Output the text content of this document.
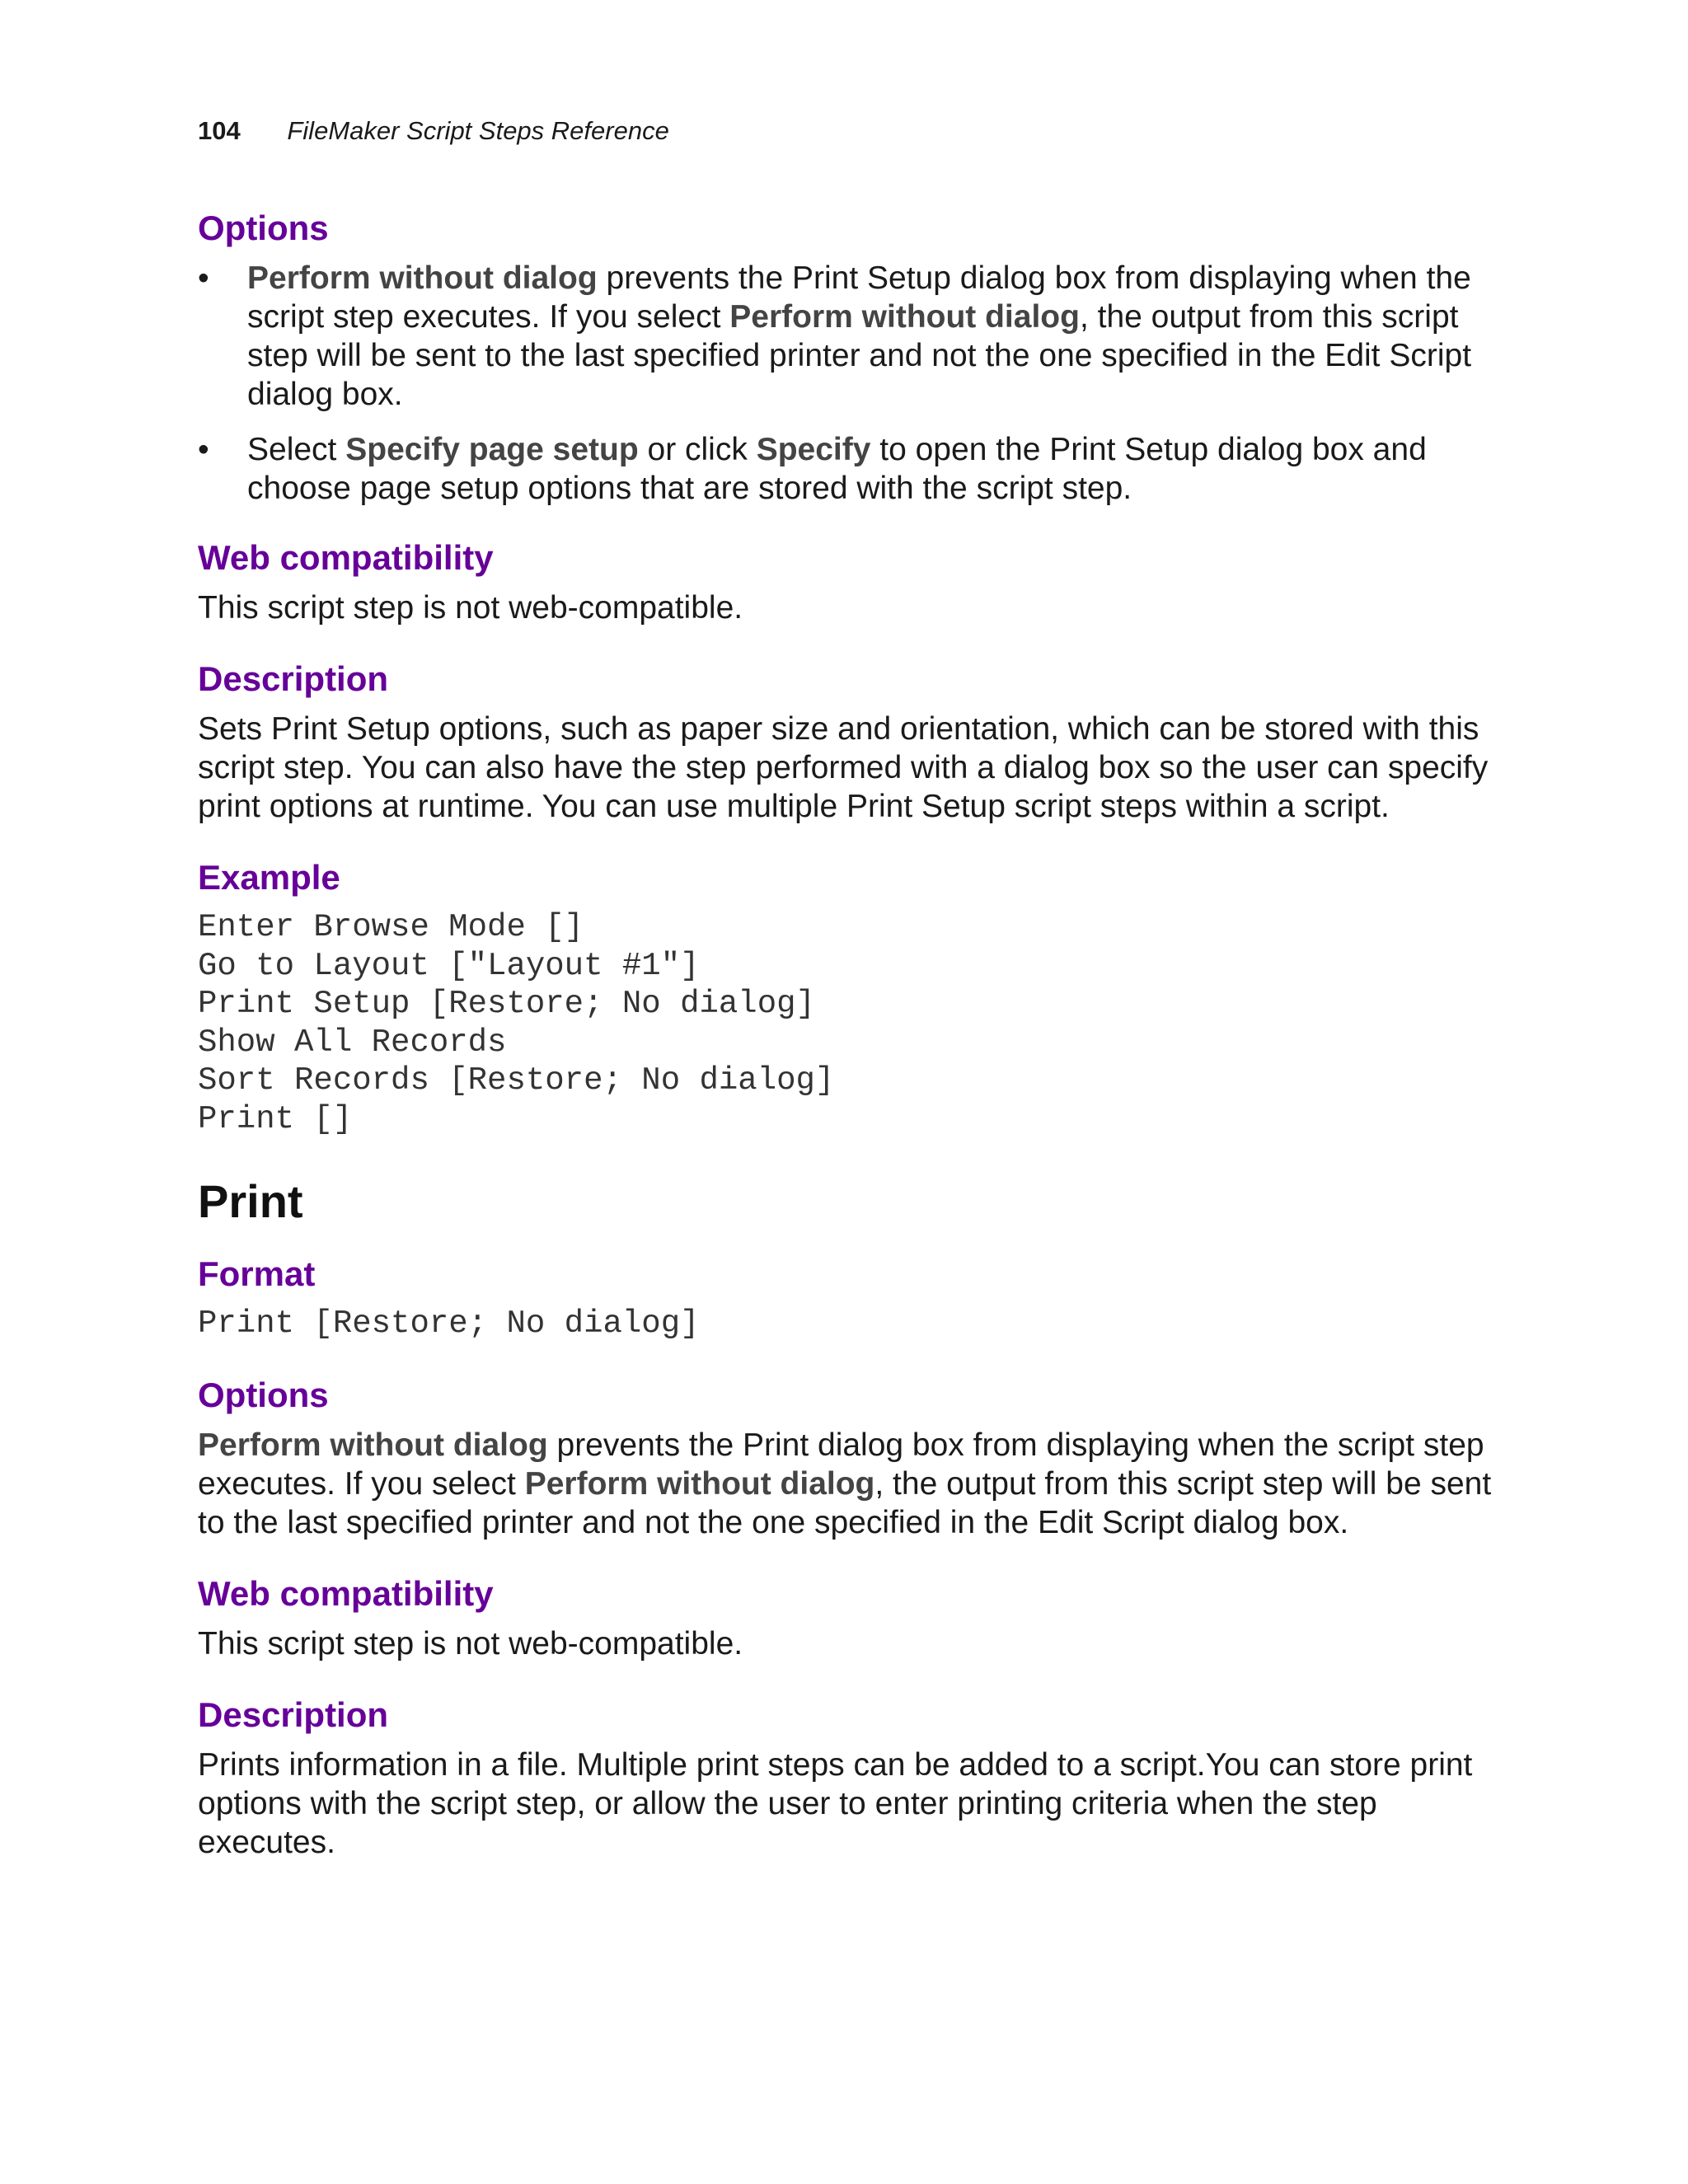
104 FileMaker Script Steps Reference
Options
• Perform without dialog prevents the Print Setup dialog box from displaying when the script step executes. If you select Perform without dialog, the output from this script step will be sent to the last specified printer and not the one specified in the Edit Script dialog box.
• Select Specify page setup or click Specify to open the Print Setup dialog box and choose page setup options that are stored with the script step.
Web compatibility

This script step is not web-compatible.

Description

Sets Print Setup options, such as paper size and orientation, which can be stored with this script step. You can also have the step performed with a dialog box so the user can specify print options at runtime. You can use multiple Print Setup script steps within a script.

Example
Enter Browse Mode []
Go to Layout ["Layout #1"]
Print Setup [Restore; No dialog]
Show All Records
Sort Records [Restore; No dialog]
Print []
Print
Format
Print [Restore; No dialog]
Options

Perform without dialog prevents the Print dialog box from displaying when the script step executes. If you select Perform without dialog, the output from this script step will be sent to the last specified printer and not the one specified in the Edit Script dialog box.

Web compatibility

This script step is not web-compatible.

Description

Prints information in a file. Multiple print steps can be added to a script.You can store print options with the script step, or allow the user to enter printing criteria when the step executes.
